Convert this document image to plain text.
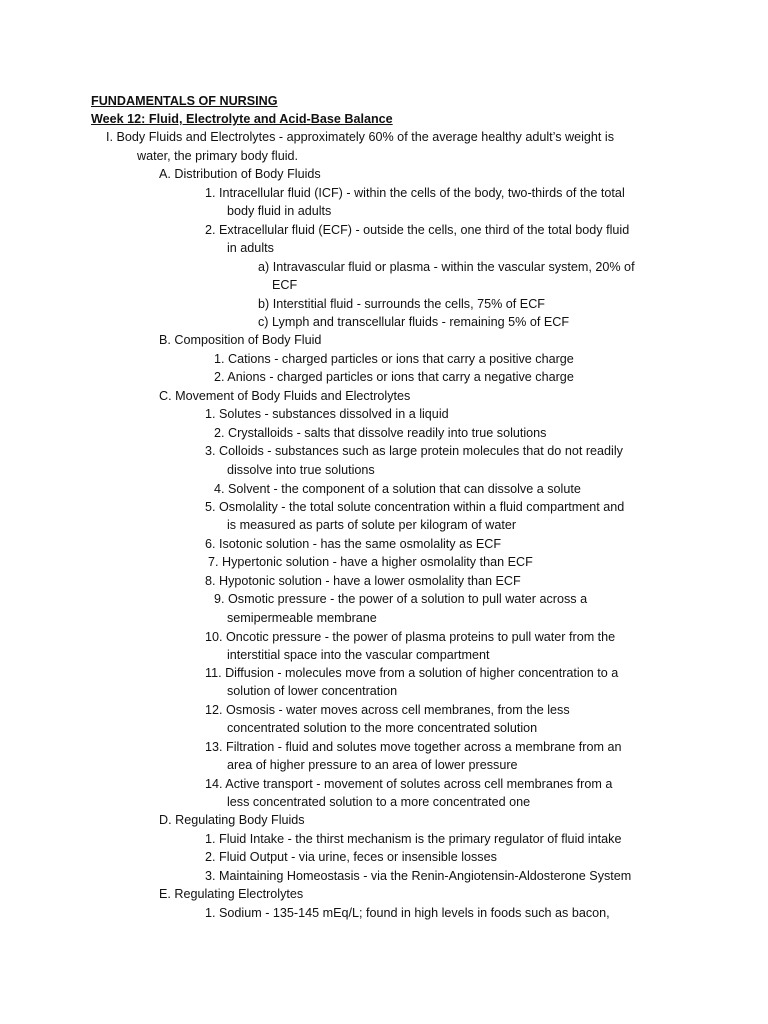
FUNDAMENTALS OF NURSING
Week 12: Fluid, Electrolyte and Acid-Base Balance
I. Body Fluids and Electrolytes - approximately 60% of the average healthy adult’s weight is
water, the primary body fluid.
A. Distribution of Body Fluids
1. Intracellular fluid (ICF) - within the cells of the body, two-thirds of the total
body fluid in adults
2. Extracellular fluid (ECF) - outside the cells, one third of the total body fluid
in adults
a) Intravascular fluid or plasma - within the vascular system, 20% of
ECF
b) Interstitial fluid - surrounds the cells, 75% of ECF
c) Lymph and transcellular fluids - remaining 5% of ECF
B. Composition of Body Fluid
1. Cations - charged particles or ions that carry a positive charge
2. Anions - charged particles or ions that carry a negative charge
C. Movement of Body Fluids and Electrolytes
1. Solutes - substances dissolved in a liquid
2. Crystalloids - salts that dissolve readily into true solutions
3. Colloids - substances such as large protein molecules that do not readily
dissolve into true solutions
4. Solvent - the component of a solution that can dissolve a solute
5. Osmolality - the total solute concentration within a fluid compartment and
is measured as parts of solute per kilogram of water
6. Isotonic solution - has the same osmolality as ECF
7. Hypertonic solution - have a higher osmolality than ECF
8. Hypotonic solution - have a lower osmolality than ECF
9. Osmotic pressure - the power of a solution to pull water across a
semipermeable membrane
10. Oncotic pressure - the power of plasma proteins to pull water from the
interstitial space into the vascular compartment
11. Diffusion - molecules move from a solution of higher concentration to a
solution of lower concentration
12. Osmosis - water moves across cell membranes, from the less
concentrated solution to the more concentrated solution
13. Filtration - fluid and solutes move together across a membrane from an
area of higher pressure to an area of lower pressure
14. Active transport - movement of solutes across cell membranes from a
less concentrated solution to a more concentrated one
D. Regulating Body Fluids
1. Fluid Intake - the thirst mechanism is the primary regulator of fluid intake
2. Fluid Output - via urine, feces or insensible losses
3. Maintaining Homeostasis - via the Renin-Angiotensin-Aldosterone System
E. Regulating Electrolytes
1. Sodium - 135-145 mEq/L; found in high levels in foods such as bacon,
